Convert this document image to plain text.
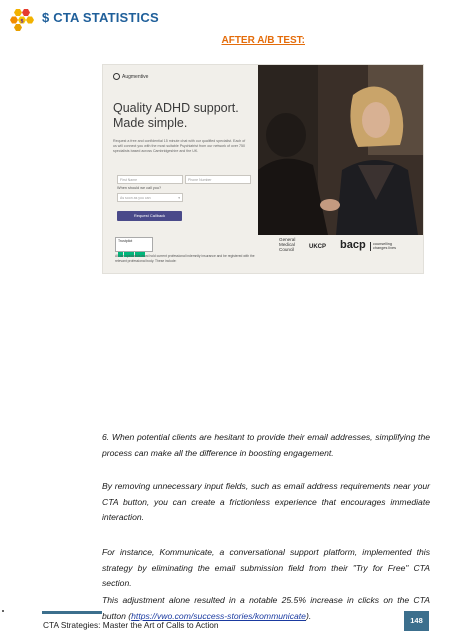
$ $ CTA STATISTICS
AFTER A/B TEST:
Augmentive
Quality ADHD support. Made simple.
Request a free and confidential 15 minute chat with our qualified specialist. Each of us will connect you with the most suitable Psychiatrist from our network of over 750 specialists based across Cambridgeshire and the UK.
First Name	Phone Number
When should we call you?
As soon as you can	▾
Request Callback
Trustpilot
All our specialists must hold current professional indemnity insurance and be registered with the relevant professional body. These include:
General Medical Council	UKCP bacp	counselling changes lives

6. When potential clients are hesitant to provide their email addresses, simplifying the process can make all the difference in boosting engagement.

By removing unnecessary input fields, such as email address requirements near your CTA button, you can create a frictionless experience that encourages immediate interaction.

For instance, Kommunicate, a conversational support platform, implemented this strategy by eliminating the email submission field from their "Try for Free" CTA section.

This adjustment alone resulted in a notable 25.5% increase in clicks on the CTA button (https://vwo.com/success-stories/kommunicate).

CTA Strategies: Master the Art of Calls to Action	148
